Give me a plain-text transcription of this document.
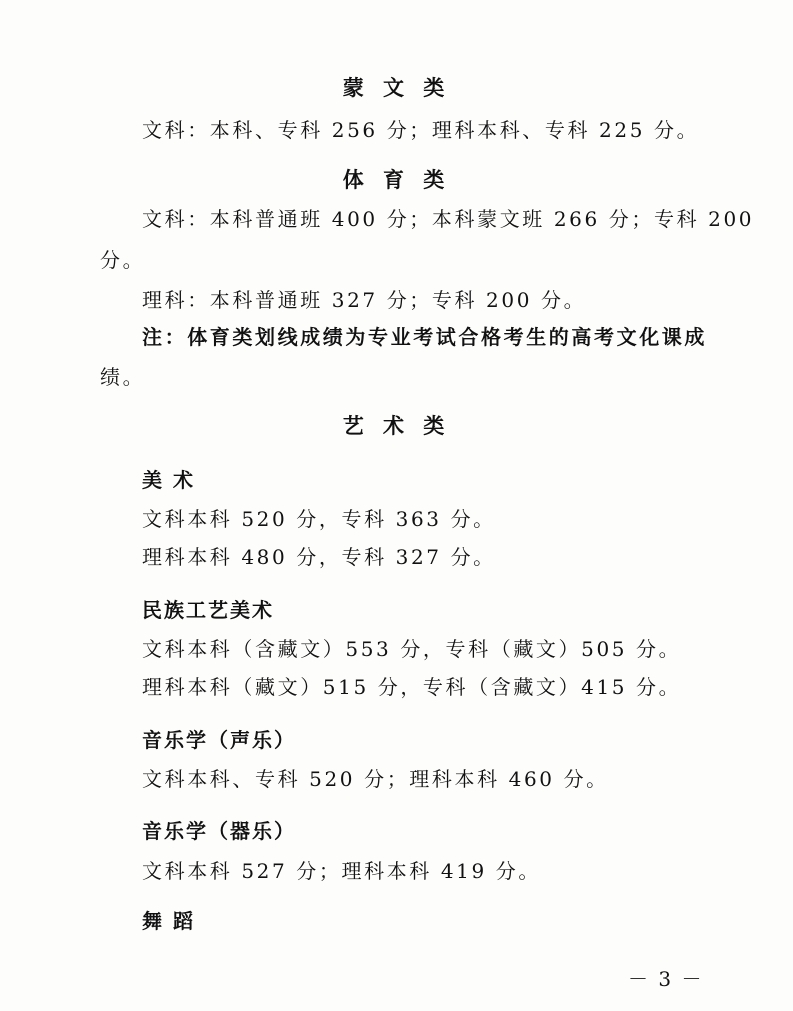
蒙 文 类
文科：本科、专科 256 分；理科本科、专科 225 分。
体 育 类
文科：本科普通班 400 分；本科蒙文班 266 分；专科 200
分。
理科：本科普通班 327 分；专科 200 分。
注：体育类划线成绩为专业考试合格考生的高考文化课成
绩。
艺 术 类
美 术
文科本科 520 分，专科 363 分。
理科本科 480 分，专科 327 分。
民族工艺美术
文科本科（含藏文）553 分，专科（藏文）505 分。
理科本科（藏文）515 分，专科（含藏文）415 分。
音乐学（声乐）
文科本科、专科 520 分；理科本科 460 分。
音乐学（器乐）
文科本科 527 分；理科本科 419 分。
舞 蹈
－ 3 －
